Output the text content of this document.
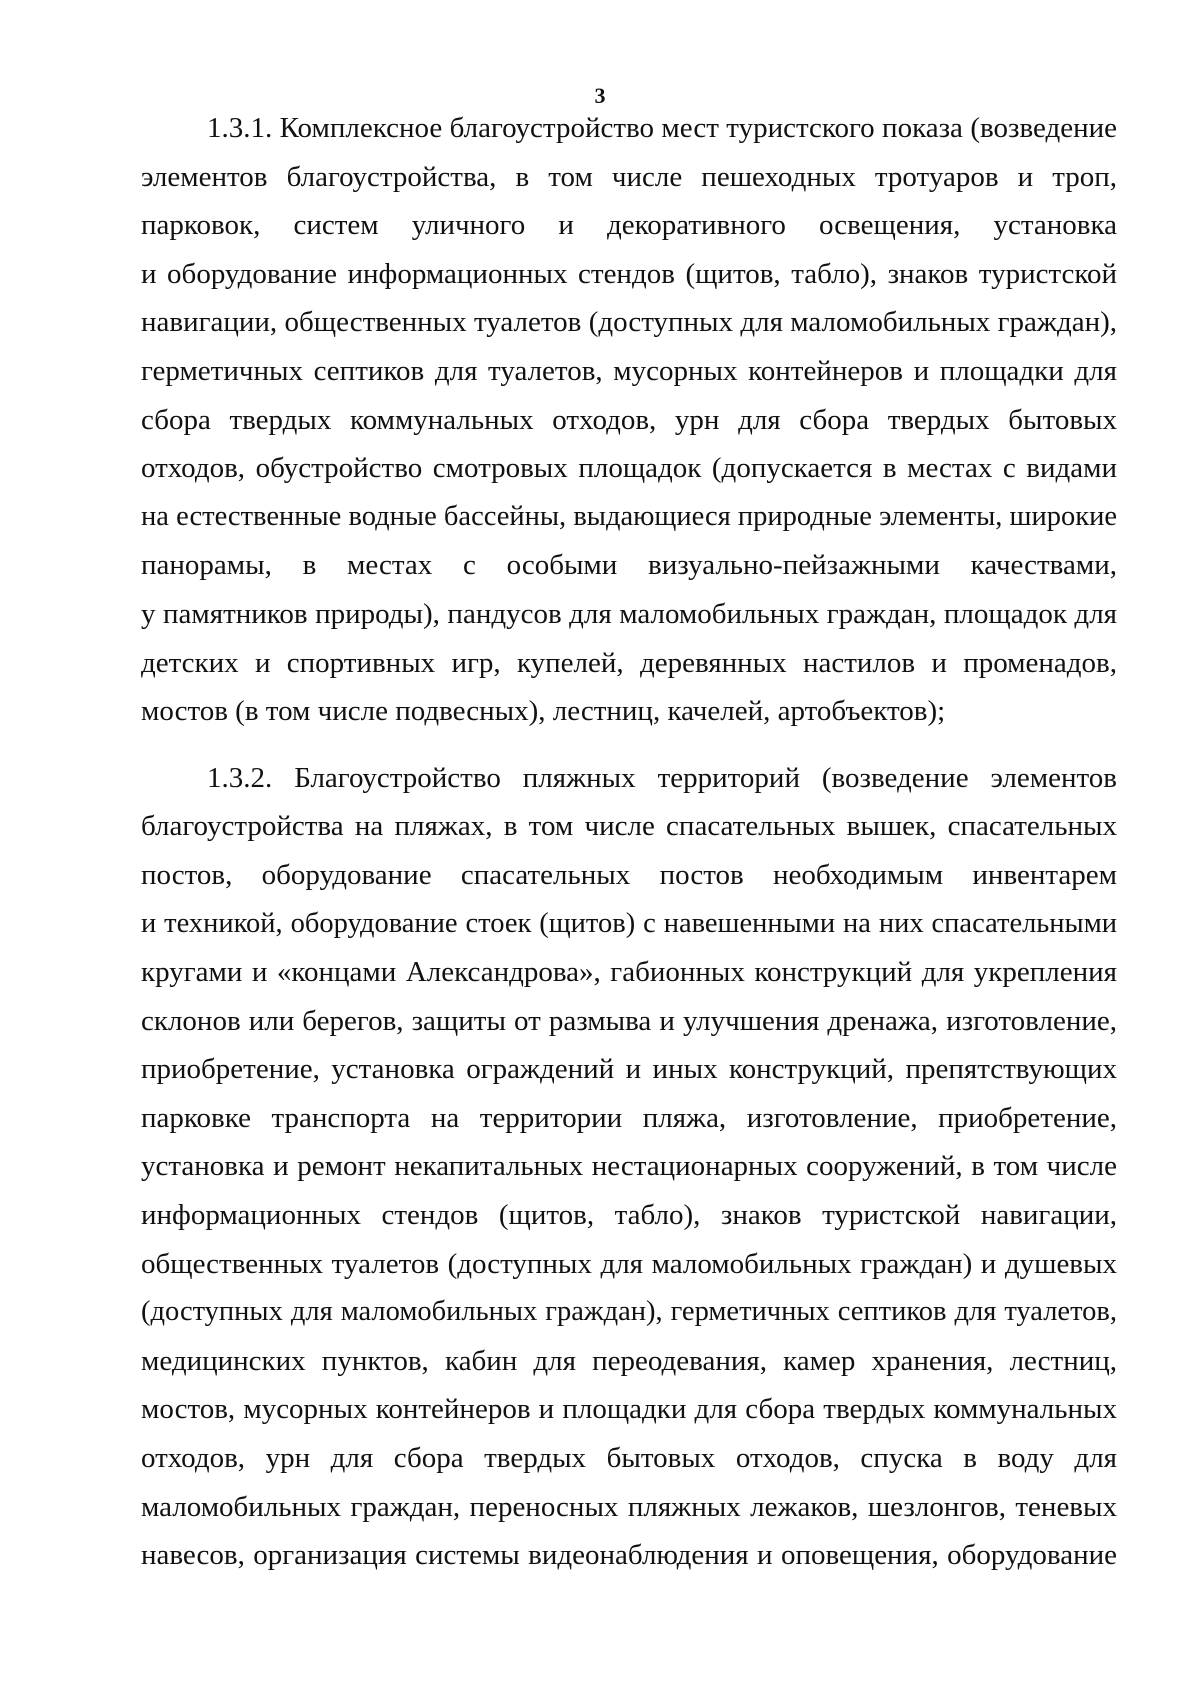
3
1.3.1. Комплексное благоустройство мест туристского показа (возведение
элементов благоустройства, в том числе пешеходных тротуаров и троп,
парковок, систем уличного и декоративного освещения, установка
и оборудование информационных стендов (щитов, табло), знаков туристской
навигации, общественных туалетов (доступных для маломобильных граждан),
герметичных септиков для туалетов, мусорных контейнеров и площадки для
сбора твердых коммунальных отходов, урн для сбора твердых бытовых
отходов, обустройство смотровых площадок (допускается в местах с видами
на естественные водные бассейны, выдающиеся природные элементы, широкие
панорамы, в местах с особыми визуально-пейзажными качествами,
у памятников природы), пандусов для маломобильных граждан, площадок для
детских и спортивных игр, купелей, деревянных настилов и променадов,
мостов (в том числе подвесных), лестниц, качелей, артобъектов);
1.3.2. Благоустройство пляжных территорий (возведение элементов
благоустройства на пляжах, в том числе спасательных вышек, спасательных
постов, оборудование спасательных постов необходимым инвентарем
и техникой, оборудование стоек (щитов) с навешенными на них спасательными
кругами и «концами Александрова», габионных конструкций для укрепления
склонов или берегов, защиты от размыва и улучшения дренажа, изготовление,
приобретение, установка ограждений и иных конструкций, препятствующих
парковке транспорта на территории пляжа, изготовление, приобретение,
установка и ремонт некапитальных нестационарных сооружений, в том числе
информационных стендов (щитов, табло), знаков туристской навигации,
общественных туалетов (доступных для маломобильных граждан) и душевых
(доступных для маломобильных граждан), герметичных септиков для туалетов,
медицинских пунктов, кабин для переодевания, камер хранения, лестниц,
мостов, мусорных контейнеров и площадки для сбора твердых коммунальных
отходов, урн для сбора твердых бытовых отходов, спуска в воду для
маломобильных граждан, переносных пляжных лежаков, шезлонгов, теневых
навесов, организация системы видеонаблюдения и оповещения, оборудование
